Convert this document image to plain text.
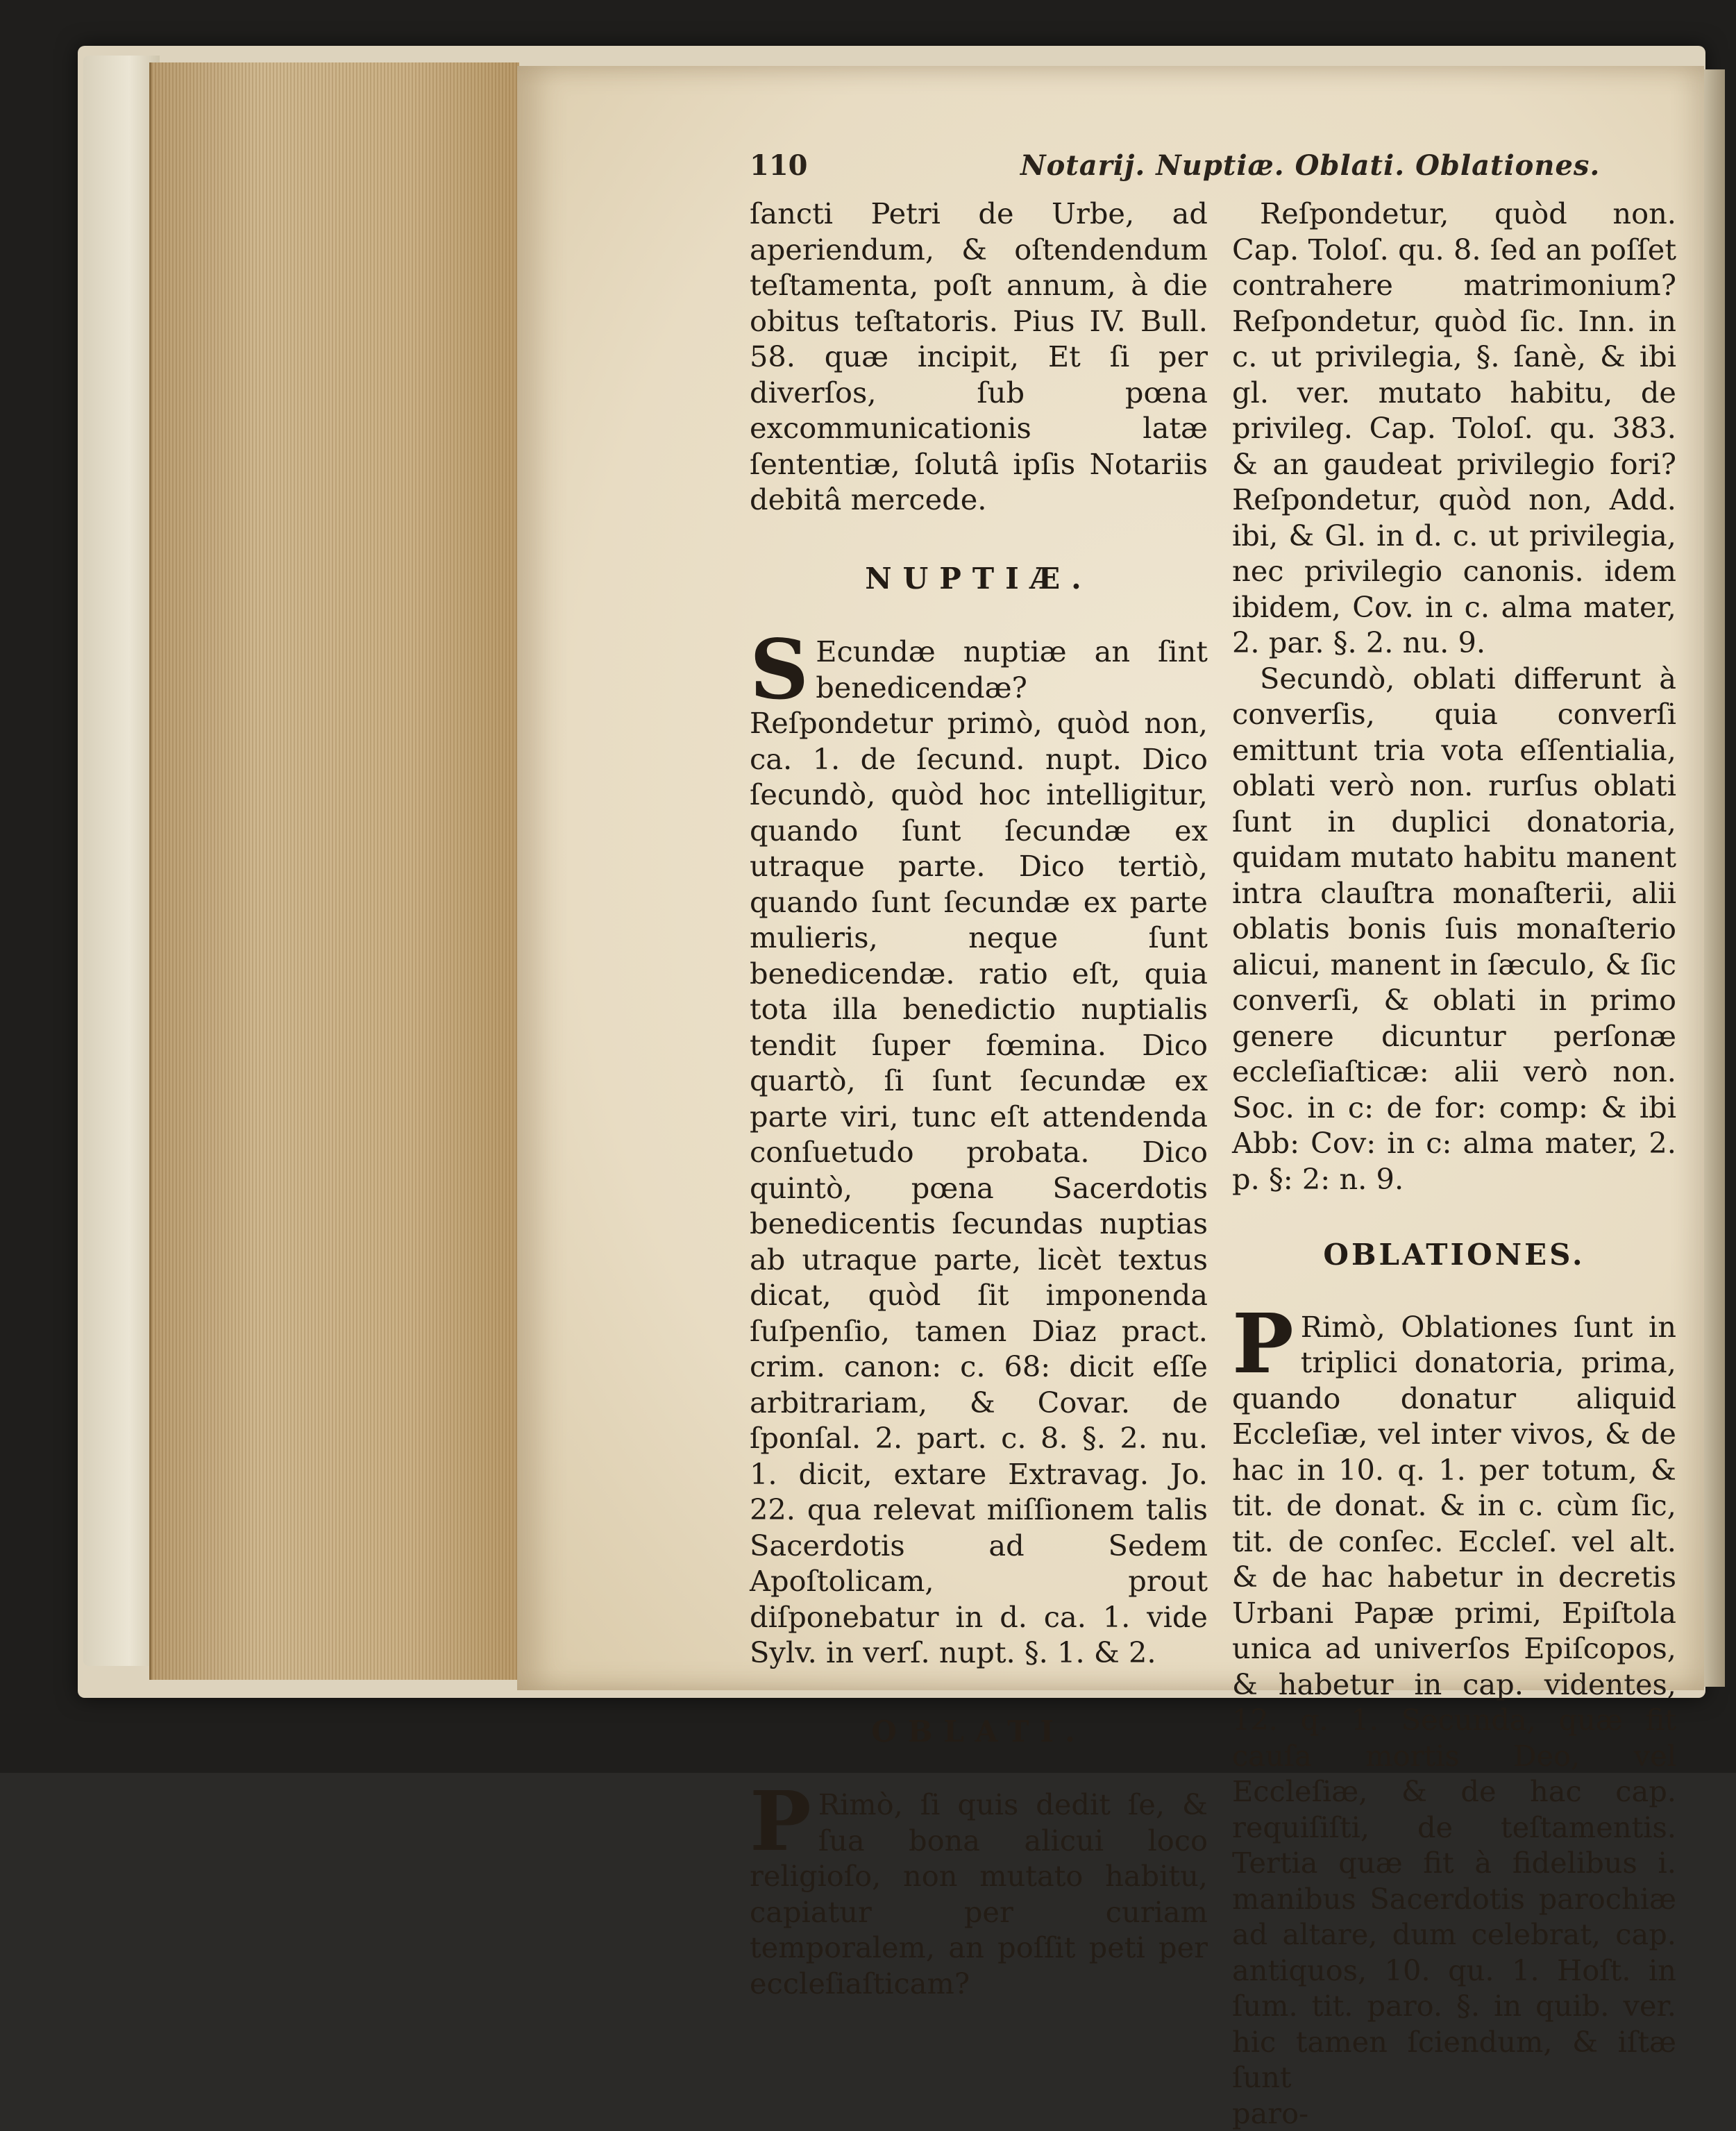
110	Notarij. Nuptiæ. Oblati. Oblationes.

ſancti Petri de Urbe, ad aperiendum, & oſtendendum teſtamenta, poſt annum, à die obitus teſtatoris. Pius IV. Bull. 58. quæ incipit, Et ſi per diverſos, ſub pœna excommunicationis latæ ſententiæ, ſolutâ ipſis Notariis debitâ mercede.

NUPTIÆ.

S Ecundæ nuptiæ an ſint benedicendæ? Reſpondetur primò, quòd non, ca. 1. de ſecund. nupt. Dico ſecundò, quòd hoc intelligitur, quando ſunt ſecundæ ex utraque parte. Dico tertiò, quando ſunt ſecundæ ex parte mulieris, neque ſunt benedicendæ. ratio eſt, quia tota illa benedictio nuptialis tendit ſuper fœmina. Dico quartò, ſi ſunt ſecundæ ex parte viri, tunc eſt attendenda conſuetudo probata. Dico quintò, pœna Sacerdotis benedicentis ſecundas nuptias ab utraque parte, licèt textus dicat, quòd ſit imponenda ſuſpenſio, tamen Diaz pract. crim. canon: c. 68: dicit eſſe arbitrariam, & Covar. de ſponſal. 2. part. c. 8. §. 2. nu. 1. dicit, extare Extravag. Jo. 22. qua relevat miſſionem talis Sacerdotis ad Sedem Apoſtolicam, prout diſponebatur in d. ca. 1. vide Sylv. in verſ. nupt. §. 1. & 2.

OBLATI.

P Rimò, ſi quis dedit ſe, & ſua bona alicui loco religioſo, non mutato habitu, capiatur per curiam temporalem, an poſſit peti per eccleſiaſticam?

Reſpondetur, quòd non. Cap. Toloſ. qu. 8. ſed an poſſet contrahere matrimonium? Reſpondetur, quòd ſic. Inn. in c. ut privilegia, §. ſanè, & ibi gl. ver. mutato habitu, de privileg. Cap. Toloſ. qu. 383. & an gaudeat privilegio fori? Reſpondetur, quòd non, Add. ibi, & Gl. in d. c. ut privilegia, nec privilegio canonis. idem ibidem, Cov. in c. alma mater, 2. par. §. 2. nu. 9.

Secundò, oblati differunt à converſis, quia converſi emittunt tria vota eſſentialia, oblati verò non. rurſus oblati ſunt in duplici donatoria, quidam mutato habitu manent intra clauſtra monaſterii, alii oblatis bonis ſuis monaſterio alicui, manent in ſæculo, & ſic converſi, & oblati in primo genere dicuntur perſonæ eccleſiaſticæ: alii verò non. Soc. in c: de for: comp: & ibi Abb: Cov: in c: alma mater, 2. p. §: 2: n. 9.

OBLATIONES.

P Rimò, Oblationes ſunt in triplici donatoria, prima, quando donatur aliquid Eccleſiæ, vel inter vivos, & de hac in 10. q. 1. per totum, & tit. de donat. & in c. cùm ſic, tit. de conſec. Eccleſ. vel alt. & de hac habetur in decretis Urbani Papæ primi, Epiſtola unica ad univerſos Epiſcopos, & habetur in cap. videntes, 12. q. 1. Secunda, quæ fit cauſa mortis Deo, vel Eccleſiæ, & de hac cap. requiſiſti, de teſtamentis. Tertia quæ fit à fidelibus i. manibus Sacerdotis parochiæ ad altare, dum celebrat, cap. antiquos, 10. qu. 1. Hoſt. in ſum. tit. paro. §. in quib. ver. hic tamen ſciendum, & iſtæ ſunt

paro-
